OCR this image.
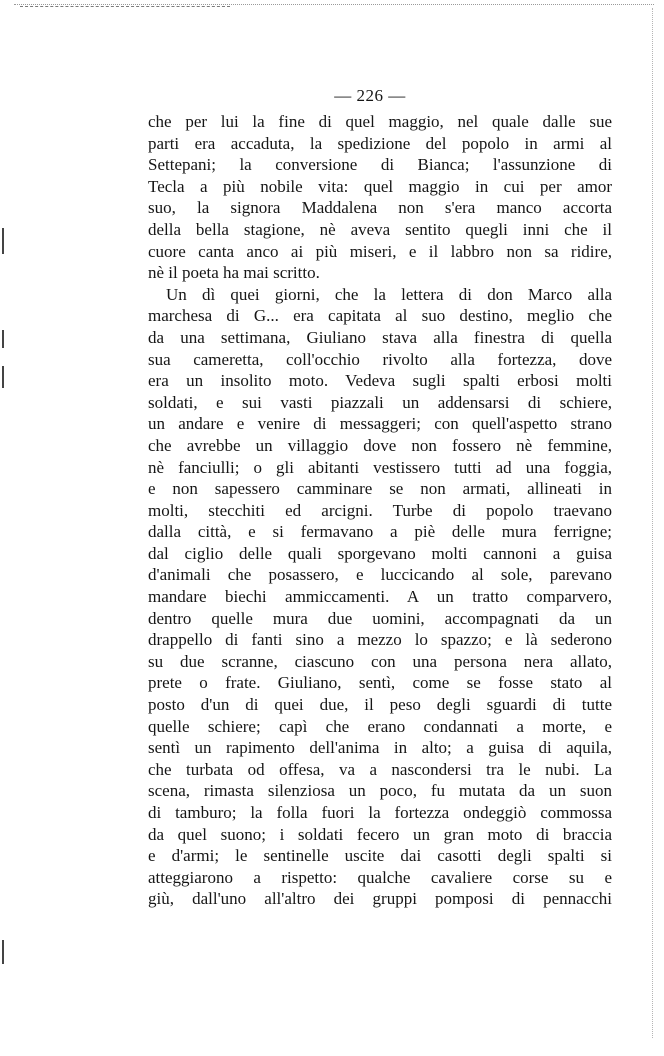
— 226 —
che per lui la fine di quel maggio, nel quale dalle sue
parti era accaduta, la spedizione del popolo in armi al
Settepani; la conversione di Bianca; l'assunzione di
Tecla a più nobile vita: quel maggio in cui per amor
suo, la signora Maddalena non s'era manco accorta
della bella stagione, nè aveva sentito quegli inni che il
cuore canta anco ai più miseri, e il labbro non sa ridire,
nè il poeta ha mai scritto.
Un dì quei giorni, che la lettera di don Marco alla
marchesa di G... era capitata al suo destino, meglio che
da una settimana, Giuliano stava alla finestra di quella
sua cameretta, coll'occhio rivolto alla fortezza, dove
era un insolito moto. Vedeva sugli spalti erbosi molti
soldati, e sui vasti piazzali un addensarsi di schiere,
un andare e venire di messaggeri; con quell'aspetto strano
che avrebbe un villaggio dove non fossero nè femmine,
nè fanciulli; o gli abitanti vestissero tutti ad una foggia,
e non sapessero camminare se non armati, allineati in
molti, stecchiti ed arcigni. Turbe di popolo traevano
dalla città, e si fermavano a piè delle mura ferrigne;
dal ciglio delle quali sporgevano molti cannoni a guisa
d'animali che posassero, e luccicando al sole, parevano
mandare biechi ammiccamenti. A un tratto comparvero,
dentro quelle mura due uomini, accompagnati da un
drappello di fanti sino a mezzo lo spazzo; e là sederono
su due scranne, ciascuno con una persona nera allato,
prete o frate. Giuliano, sentì, come se fosse stato al
posto d'un di quei due, il peso degli sguardi di tutte
quelle schiere; capì che erano condannati a morte, e
sentì un rapimento dell'anima in alto; a guisa di aquila,
che turbata od offesa, va a nascondersi tra le nubi. La
scena, rimasta silenziosa un poco, fu mutata da un suon
di tamburo; la folla fuori la fortezza ondeggiò commossa
da quel suono; i soldati fecero un gran moto di braccia
e d'armi; le sentinelle uscite dai casotti degli spalti si
atteggiarono a rispetto: qualche cavaliere corse su e
giù, dall'uno all'altro dei gruppi pomposi di pennacchi
